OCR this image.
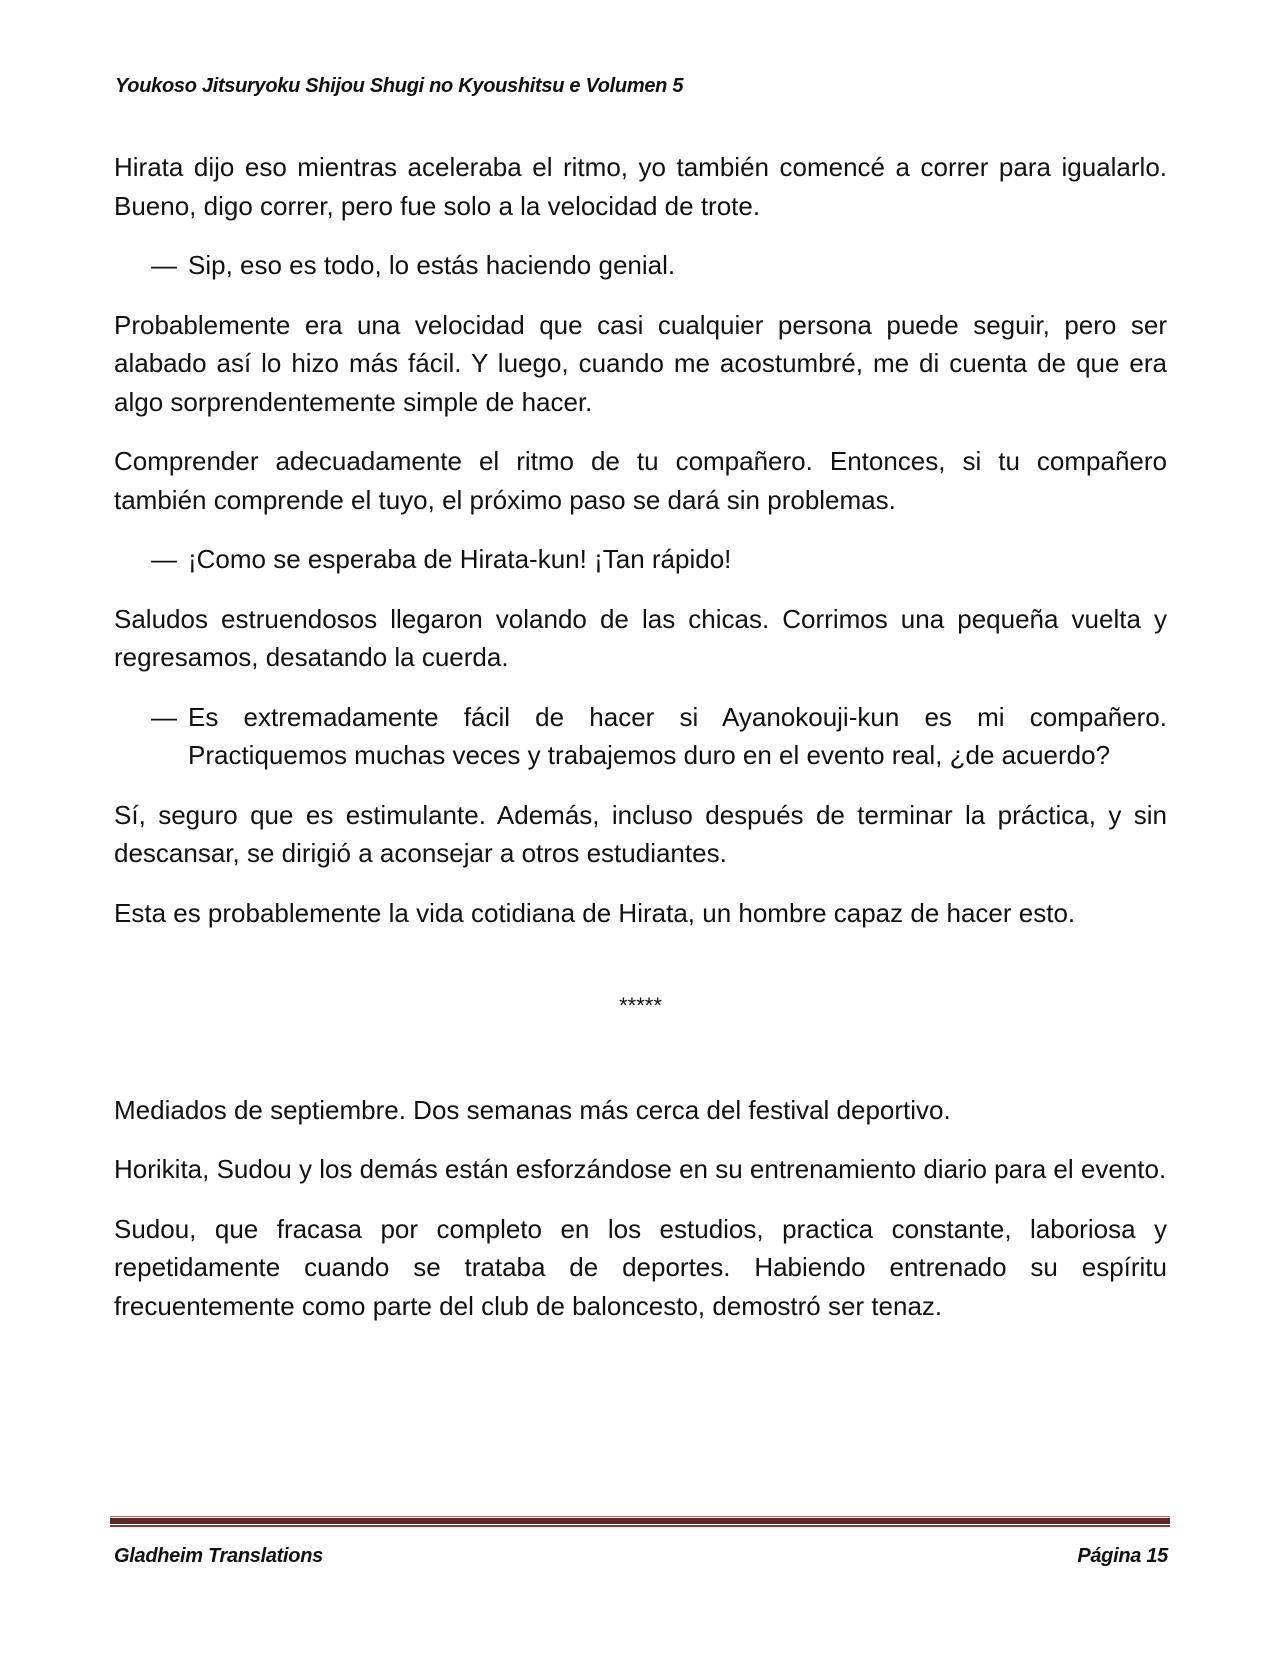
Youkoso Jitsuryoku Shijou Shugi no Kyoushitsu e Volumen 5

Hirata dijo eso mientras aceleraba el ritmo, yo también comencé a correr para igualarlo. Bueno, digo correr, pero fue solo a la velocidad de trote.

— Sip, eso es todo, lo estás haciendo genial.

Probablemente era una velocidad que casi cualquier persona puede seguir, pero ser alabado así lo hizo más fácil. Y luego, cuando me acostumbré, me di cuenta de que era algo sorprendentemente simple de hacer.

Comprender adecuadamente el ritmo de tu compañero. Entonces, si tu compañero también comprende el tuyo, el próximo paso se dará sin problemas.

— ¡Como se esperaba de Hirata-kun! ¡Tan rápido!

Saludos estruendosos llegaron volando de las chicas. Corrimos una pequeña vuelta y regresamos, desatando la cuerda.

— Es extremadamente fácil de hacer si Ayanokouji-kun es mi compañero. Practiquemos muchas veces y trabajemos duro en el evento real, ¿de acuerdo?

Sí, seguro que es estimulante. Además, incluso después de terminar la práctica, y sin descansar, se dirigió a aconsejar a otros estudiantes.

Esta es probablemente la vida cotidiana de Hirata, un hombre capaz de hacer esto.

*****

Mediados de septiembre. Dos semanas más cerca del festival deportivo.

Horikita, Sudou y los demás están esforzándose en su entrenamiento diario para el evento.

Sudou, que fracasa por completo en los estudios, practica constante, laboriosa y repetidamente cuando se trataba de deportes. Habiendo entrenado su espíritu frecuentemente como parte del club de baloncesto, demostró ser tenaz.

Gladheim Translations	Página 15
